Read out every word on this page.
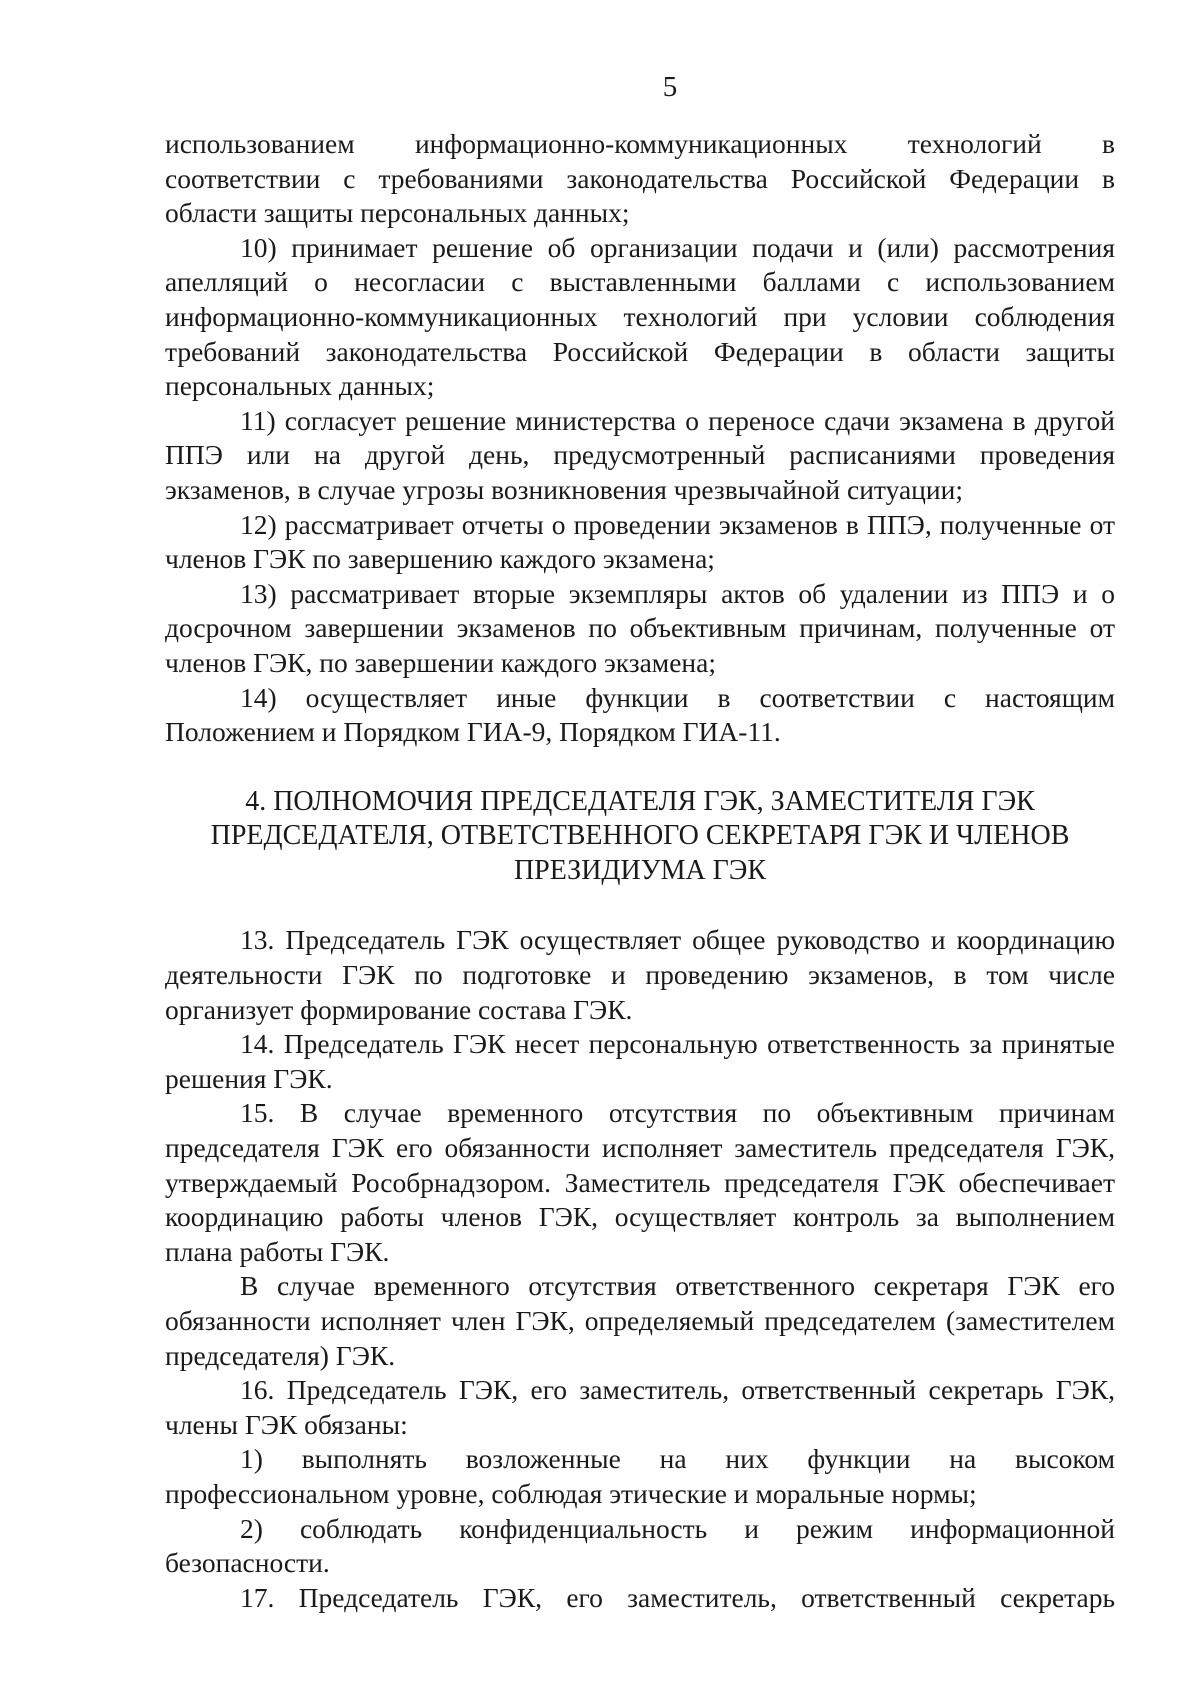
5

использованием информационно-коммуникационных технологий в соответствии с требованиями законодательства Российской Федерации в области защиты персональных данных;

10) принимает решение об организации подачи и (или) рассмотрения апелляций о несогласии с выставленными баллами с использованием информационно-коммуникационных технологий при условии соблюдения требований законодательства Российской Федерации в области защиты персональных данных;

11) согласует решение министерства о переносе сдачи экзамена в другой ППЭ или на другой день, предусмотренный расписаниями проведения экзаменов, в случае угрозы возникновения чрезвычайной ситуации;

12) рассматривает отчеты о проведении экзаменов в ППЭ, полученные от членов ГЭК по завершению каждого экзамена;

13) рассматривает вторые экземпляры актов об удалении из ППЭ и о досрочном завершении экзаменов по объективным причинам, полученные от членов ГЭК, по завершении каждого экзамена;

14) осуществляет иные функции в соответствии с настоящим Положением и Порядком ГИА-9, Порядком ГИА-11.

4. ПОЛНОМОЧИЯ ПРЕДСЕДАТЕЛЯ ГЭК, ЗАМЕСТИТЕЛЯ ГЭК
ПРЕДСЕДАТЕЛЯ, ОТВЕТСТВЕННОГО СЕКРЕТАРЯ ГЭК И ЧЛЕНОВ
ПРЕЗИДИУМА ГЭК

13. Председатель ГЭК осуществляет общее руководство и координацию деятельности ГЭК по подготовке и проведению экзаменов, в том числе организует формирование состава ГЭК.

14. Председатель ГЭК несет персональную ответственность за принятые решения ГЭК.

15. В случае временного отсутствия по объективным причинам председателя ГЭК его обязанности исполняет заместитель председателя ГЭК, утверждаемый Рособрнадзором. Заместитель председателя ГЭК обеспечивает координацию работы членов ГЭК, осуществляет контроль за выполнением плана работы ГЭК.

В случае временного отсутствия ответственного секретаря ГЭК его обязанности исполняет член ГЭК, определяемый председателем (заместителем председателя) ГЭК.

16. Председатель ГЭК, его заместитель, ответственный секретарь ГЭК, члены ГЭК обязаны:

1) выполнять возложенные на них функции на высоком профессиональном уровне, соблюдая этические и моральные нормы;

2) соблюдать конфиденциальность и режим информационной безопасности.

17. Председатель ГЭК, его заместитель, ответственный секретарь
